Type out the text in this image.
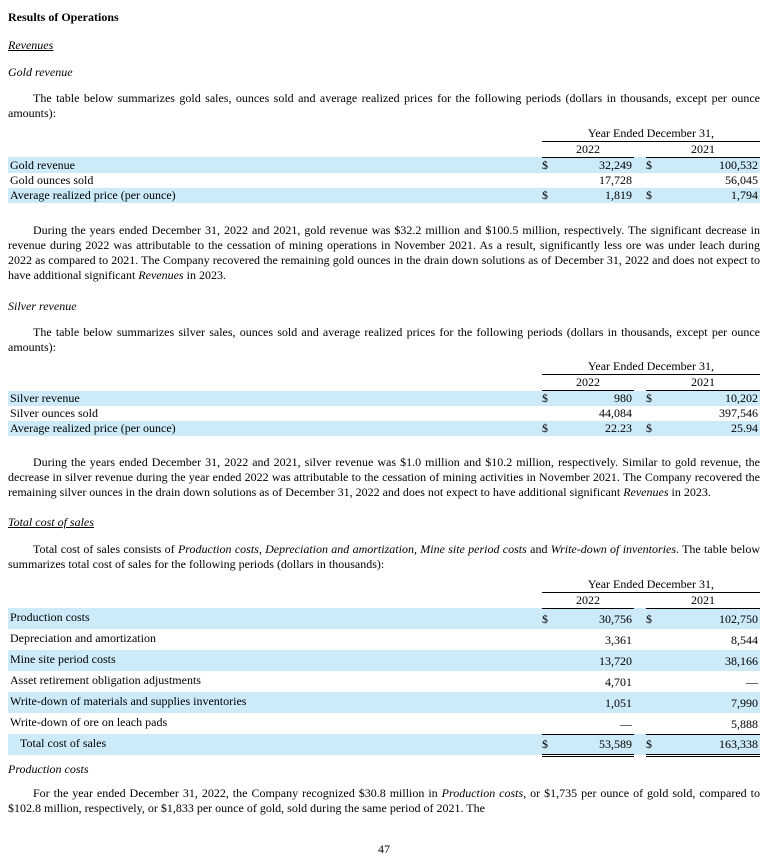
Results of Operations
Revenues
Gold revenue

The table below summarizes gold sales, ounces sold and average realized prices for the following periods (dollars in thousands, except per ounce amounts):

	Year Ended December 31,				
	2022			2021	
Gold revenue	$	32,249		$	100,532
Gold ounces sold		17,728			56,045
Average realized price (per ounce)	$	1,819		$	1,794

During the years ended December 31, 2022 and 2021, gold revenue was $32.2 million and $100.5 million, respectively. The significant decrease in revenue during 2022 was attributable to the cessation of mining operations in November 2021. As a result, significantly less ore was under leach during 2022 as compared to 2021. The Company recovered the remaining gold ounces in the drain down solutions as of December 31, 2022 and does not expect to have additional significant Revenues in 2023.

Silver revenue

The table below summarizes silver sales, ounces sold and average realized prices for the following periods (dollars in thousands, except per ounce amounts):

	Year Ended December 31,				
	2022			2021	
Silver revenue	$	980		$	10,202
Silver ounces sold		44,084			397,546
Average realized price (per ounce)	$	22.23		$	25.94

During the years ended December 31, 2022 and 2021, silver revenue was $1.0 million and $10.2 million, respectively. Similar to gold revenue, the decrease in silver revenue during the year ended 2022 was attributable to the cessation of mining activities in November 2021. The Company recovered the remaining silver ounces in the drain down solutions as of December 31, 2022 and does not expect to have additional significant Revenues in 2023.

Total cost of sales

Total cost of sales consists of Production costs, Depreciation and amortization, Mine site period costs and Write-down of inventories. The table below summarizes total cost of sales for the following periods (dollars in thousands):

	Year Ended December 31,				
	2022			2021	
Production costs	$	30,756		$	102,750
Depreciation and amortization		3,361			8,544
Mine site period costs		13,720			38,166
Asset retirement obligation adjustments		4,701			—
Write-down of materials and supplies inventories		1,051			7,990
Write-down of ore on leach pads		—			5,888
Total cost of sales	$	53,589		$	163,338
Production costs

For the year ended December 31, 2022, the Company recognized $30.8 million in Production costs, or $1,735 per ounce of gold sold, compared to $102.8 million, respectively, or $1,833 per ounce of gold, sold during the same period of 2021. The

47
